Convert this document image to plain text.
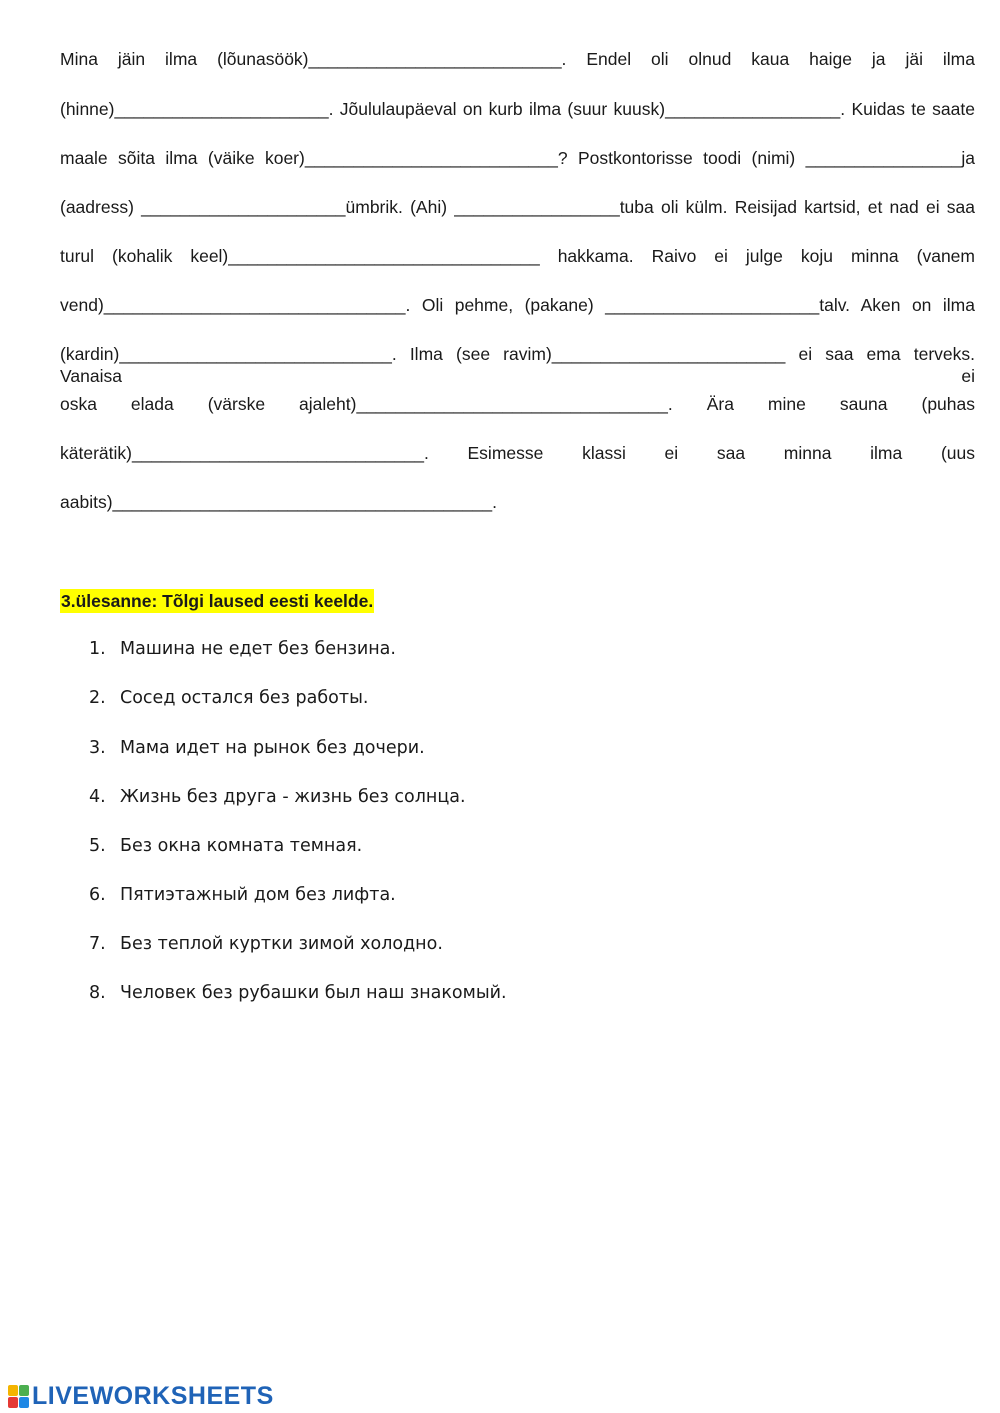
Mina jäin ilma (lõunasöök)__________________________. Endel oli olnud kaua haige ja jäi ilma
(hinne)______________________. Jõululaupäeval on kurb ilma (suur kuusk)__________________. Kuidas te saate
maale sõita ilma (väike koer)__________________________? Postkontorisse toodi (nimi) ________________ja
(aadress) _____________________ümbrik. (Ahi) _________________tuba oli külm. Reisijad kartsid, et nad ei saa
turul (kohalik keel)________________________________ hakkama. Raivo ei julge koju minna (vanem
vend)_______________________________. Oli pehme, (pakane) ______________________talv. Aken on ilma
(kardin)____________________________. Ilma (see ravim)________________________ ei saa ema terveks. Vanaisa ei
oska elada (värske ajaleht)________________________________. Ära mine sauna (puhas
käterätik)______________________________. Esimesse klassi ei saa minna ilma (uus
aabits)_______________________________________.
3.ülesanne: Tõlgi laused eesti keelde.
1. Машина не едет без бензина.
2. Сосед остался без работы.
3. Мама идет на рынок без дочери.
4. Жизнь без друга - жизнь без солнца.
5. Без окна комната темная.
6. Пятиэтажный дом без лифта.
7. Без теплой куртки зимой холодно.
8. Человек без рубашки был наш знакомый.
LIVEWORKSHEETS
